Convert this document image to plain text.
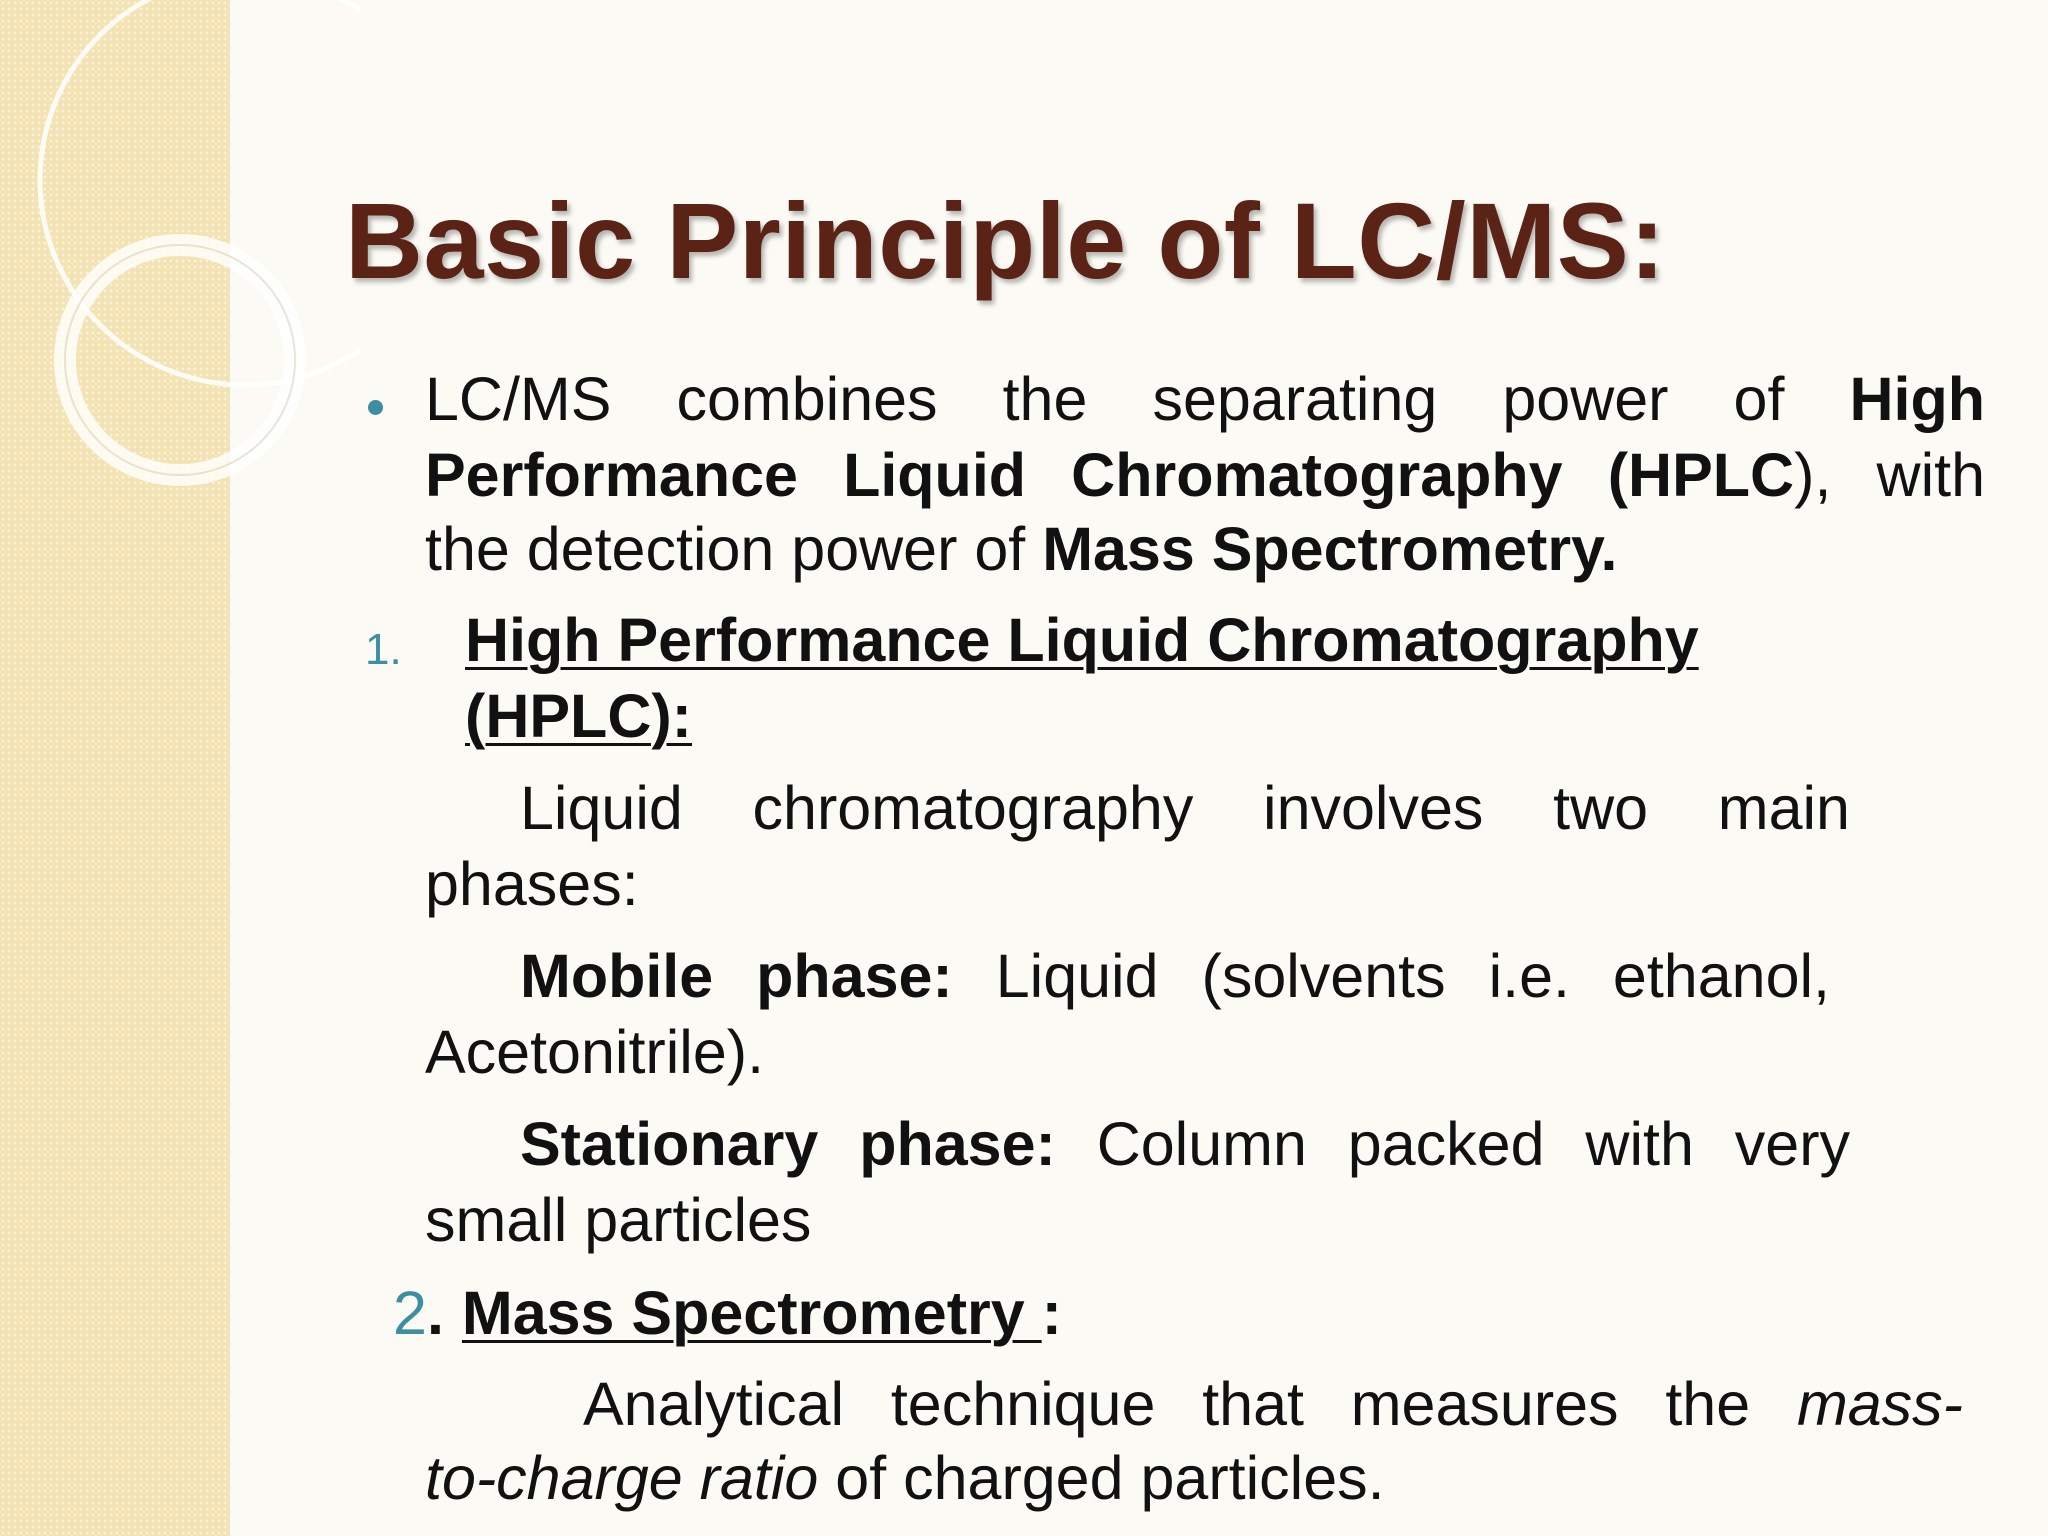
Basic Principle of LC/MS:
LC/MS combines the separating power of High
Performance Liquid Chromatography (HPLC), with
the detection power of Mass Spectrometry.
1. High Performance Liquid Chromatography
(HPLC):
Liquid chromatography involves two main
phases:
Mobile phase: Liquid (solvents i.e. ethanol,
Acetonitrile).
Stationary phase: Column packed with very
small particles
2. Mass Spectrometry :
Analytical technique that measures the mass-
to-charge ratio of charged particles.
